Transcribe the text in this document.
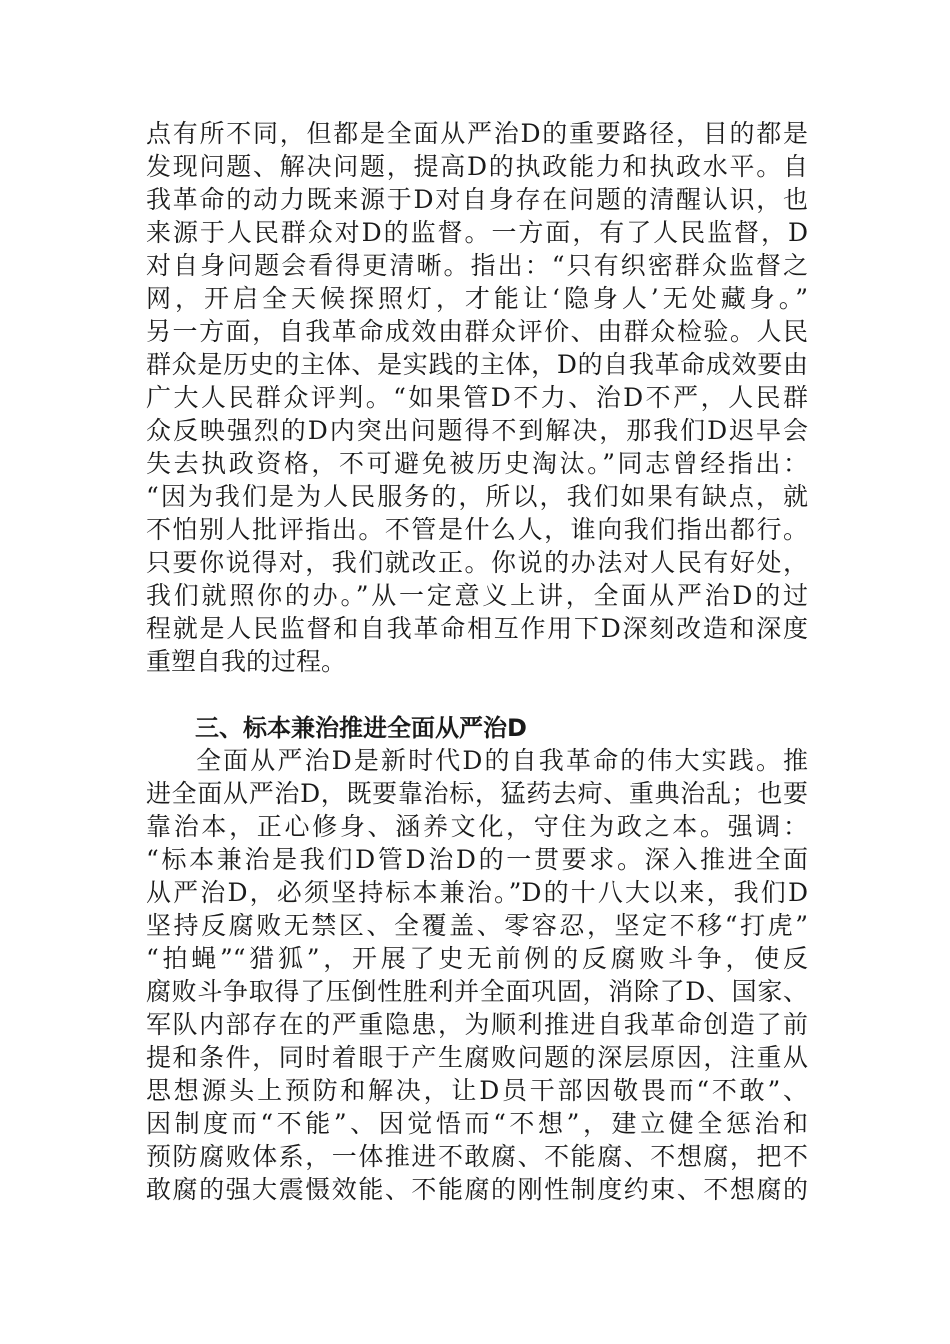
点有所不同，但都是全面从严治D的重要路径，目的都是
发现问题、解决问题，提高D的执政能力和执政水平。自
我革命的动力既来源于D对自身存在问题的清醒认识，也
来源于人民群众对D的监督。一方面，有了人民监督，D
对自身问题会看得更清晰。指出：“只有织密群众监督之
网，开启全天候探照灯，才能让‘隐身人’无处藏身。”
另一方面，自我革命成效由群众评价、由群众检验。人民
群众是历史的主体、是实践的主体，D的自我革命成效要由
广大人民群众评判。“如果管D不力、治D不严，人民群
众反映强烈的D内突出问题得不到解决，那我们D迟早会
失去执政资格，不可避免被历史淘汰。”同志曾经指出：
“因为我们是为人民服务的，所以，我们如果有缺点，就
不怕别人批评指出。不管是什么人，谁向我们指出都行。
只要你说得对，我们就改正。你说的办法对人民有好处，
我们就照你的办。”从一定意义上讲，全面从严治D的过
程就是人民监督和自我革命相互作用下D深刻改造和深度
重塑自我的过程。
三、标本兼治推进全面从严治D
全面从严治D是新时代D的自我革命的伟大实践。推
进全面从严治D，既要靠治标，猛药去疴、重典治乱；也要
靠治本，正心修身、涵养文化，守住为政之本。强调：
“标本兼治是我们D管D治D的一贯要求。深入推进全面
从严治D，必须坚持标本兼治。”D的十八大以来，我们D
坚持反腐败无禁区、全覆盖、零容忍，坚定不移“打虎”
“拍蝇”“猎狐”，开展了史无前例的反腐败斗争，使反
腐败斗争取得了压倒性胜利并全面巩固，消除了D、国家、
军队内部存在的严重隐患，为顺利推进自我革命创造了前
提和条件，同时着眼于产生腐败问题的深层原因，注重从
思想源头上预防和解决，让D员干部因敬畏而“不敢”、
因制度而“不能”、因觉悟而“不想”，建立健全惩治和
预防腐败体系，一体推进不敢腐、不能腐、不想腐，把不
敢腐的强大震慑效能、不能腐的刚性制度约束、不想腐的
